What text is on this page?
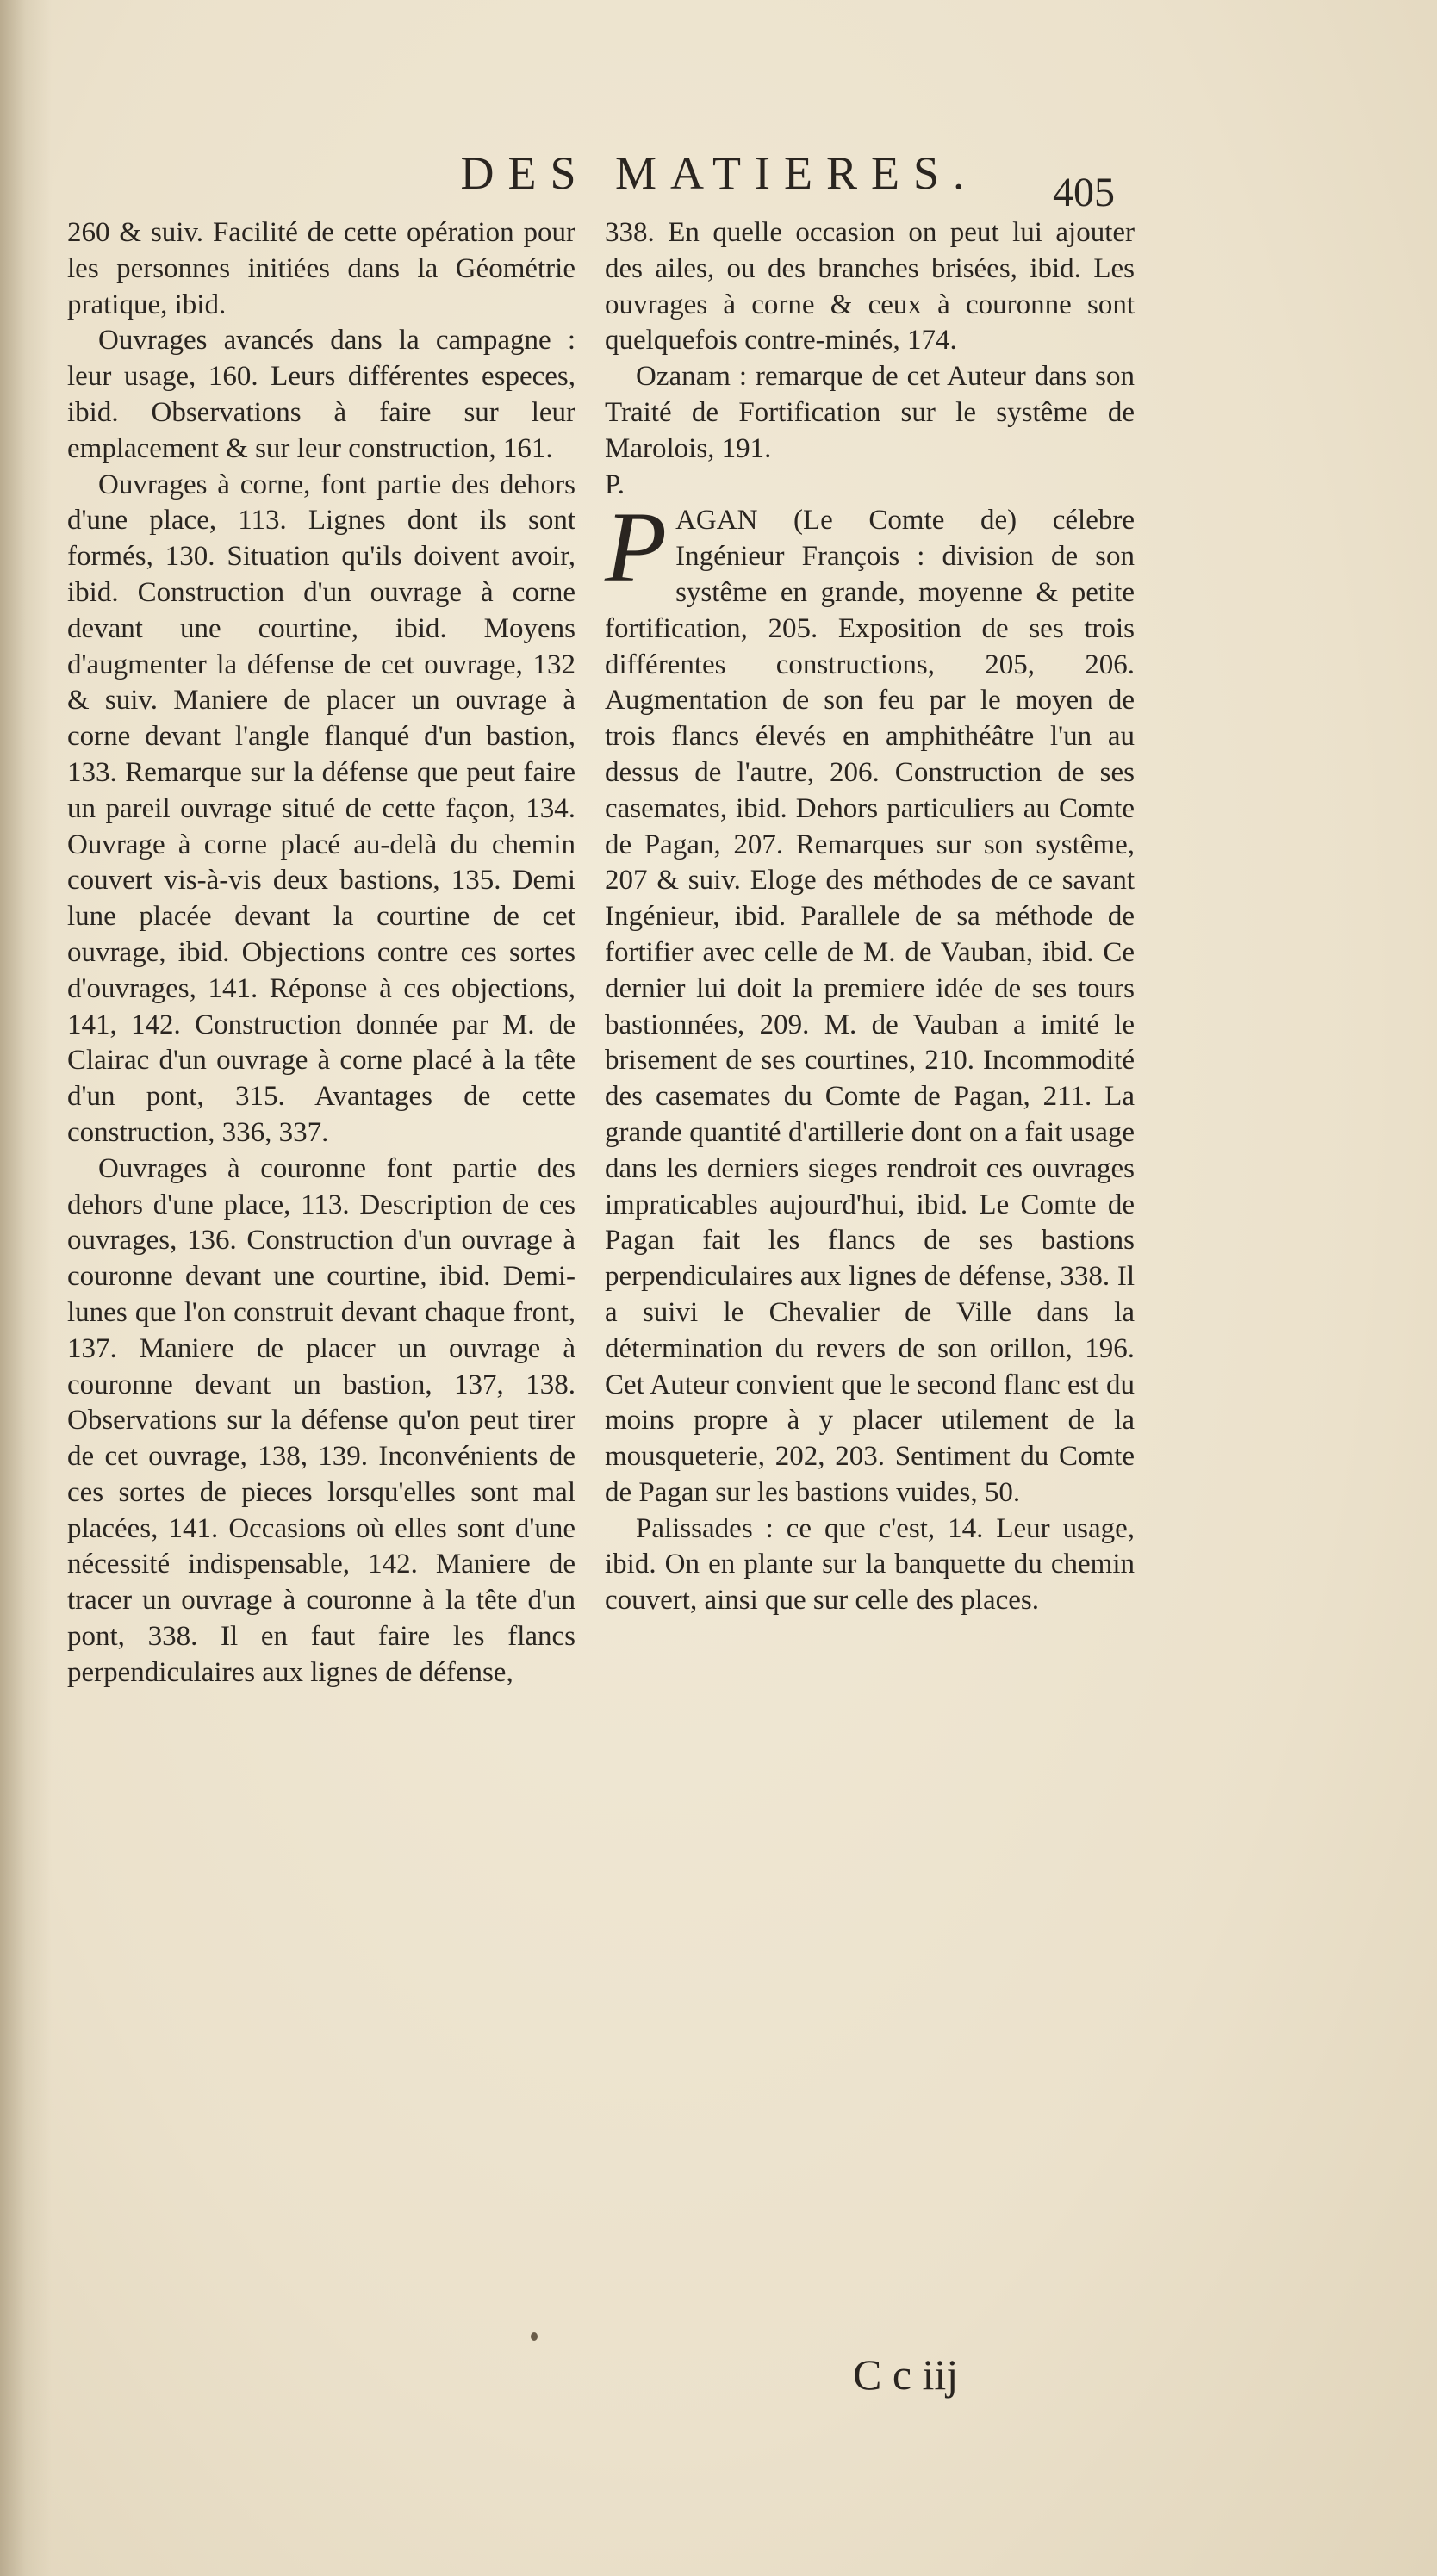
DES MATIERES.	405

260 & suiv. Facilité de cette opération pour les personnes initiées dans la Géométrie pratique, ibid.

Ouvrages avancés dans la campagne : leur usage, 160. Leurs différentes especes, ibid. Observations à faire sur leur emplacement & sur leur construction, 161.

Ouvrages à corne, font partie des dehors d'une place, 113. Lignes dont ils sont formés, 130. Situation qu'ils doivent avoir, ibid. Construction d'un ouvrage à corne devant une courtine, ibid. Moyens d'augmenter la défense de cet ouvrage, 132 & suiv. Maniere de placer un ouvrage à corne devant l'angle flanqué d'un bastion, 133. Remarque sur la défense que peut faire un pareil ouvrage situé de cette façon, 134. Ouvrage à corne placé au-delà du chemin couvert vis-à-vis deux bastions, 135. Demi lune placée devant la courtine de cet ouvrage, ibid. Objections contre ces sortes d'ouvrages, 141. Réponse à ces objections, 141, 142. Construction donnée par M. de Clairac d'un ouvrage à corne placé à la tête d'un pont, 315. Avantages de cette construction, 336, 337.

Ouvrages à couronne font partie des dehors d'une place, 113. Description de ces ouvrages, 136. Construction d'un ouvrage à couronne devant une courtine, ibid. Demi-lunes que l'on construit devant chaque front, 137. Maniere de placer un ouvrage à couronne devant un bastion, 137, 138. Observations sur la défense qu'on peut tirer de cet ouvrage, 138, 139. Inconvénients de ces sortes de pieces lorsqu'elles sont mal placées, 141. Occasions où elles sont d'une nécessité indispensable, 142. Maniere de tracer un ouvrage à couronne à la tête d'un pont, 338. Il en faut faire les flancs perpendiculaires aux lignes de défense,

338. En quelle occasion on peut lui ajouter des ailes, ou des branches brisées, ibid. Les ouvrages à corne & ceux à couronne sont quelquefois contre-minés, 174.

Ozanam : remarque de cet Auteur dans son Traité de Fortification sur le systême de Marolois, 191.

P.

P AGAN (Le Comte de) célebre Ingénieur François : division de son systême en grande, moyenne & petite fortification, 205. Exposition de ses trois différentes constructions, 205, 206. Augmentation de son feu par le moyen de trois flancs élevés en amphithéâtre l'un au dessus de l'autre, 206. Construction de ses casemates, ibid. Dehors particuliers au Comte de Pagan, 207. Remarques sur son systême, 207 & suiv. Eloge des méthodes de ce savant Ingénieur, ibid. Parallele de sa méthode de fortifier avec celle de M. de Vauban, ibid. Ce dernier lui doit la premiere idée de ses tours bastionnées, 209. M. de Vauban a imité le brisement de ses courtines, 210. Incommodité des casemates du Comte de Pagan, 211. La grande quantité d'artillerie dont on a fait usage dans les derniers sieges rendroit ces ouvrages impraticables aujourd'hui, ibid. Le Comte de Pagan fait les flancs de ses bastions perpendiculaires aux lignes de défense, 338. Il a suivi le Chevalier de Ville dans la détermination du revers de son orillon, 196. Cet Auteur convient que le second flanc est du moins propre à y placer utilement de la mousqueterie, 202, 203. Sentiment du Comte de Pagan sur les bastions vuides, 50.

Palissades : ce que c'est, 14. Leur usage, ibid. On en plante sur la banquette du chemin couvert, ainsi que sur celle des places.

C c iij
